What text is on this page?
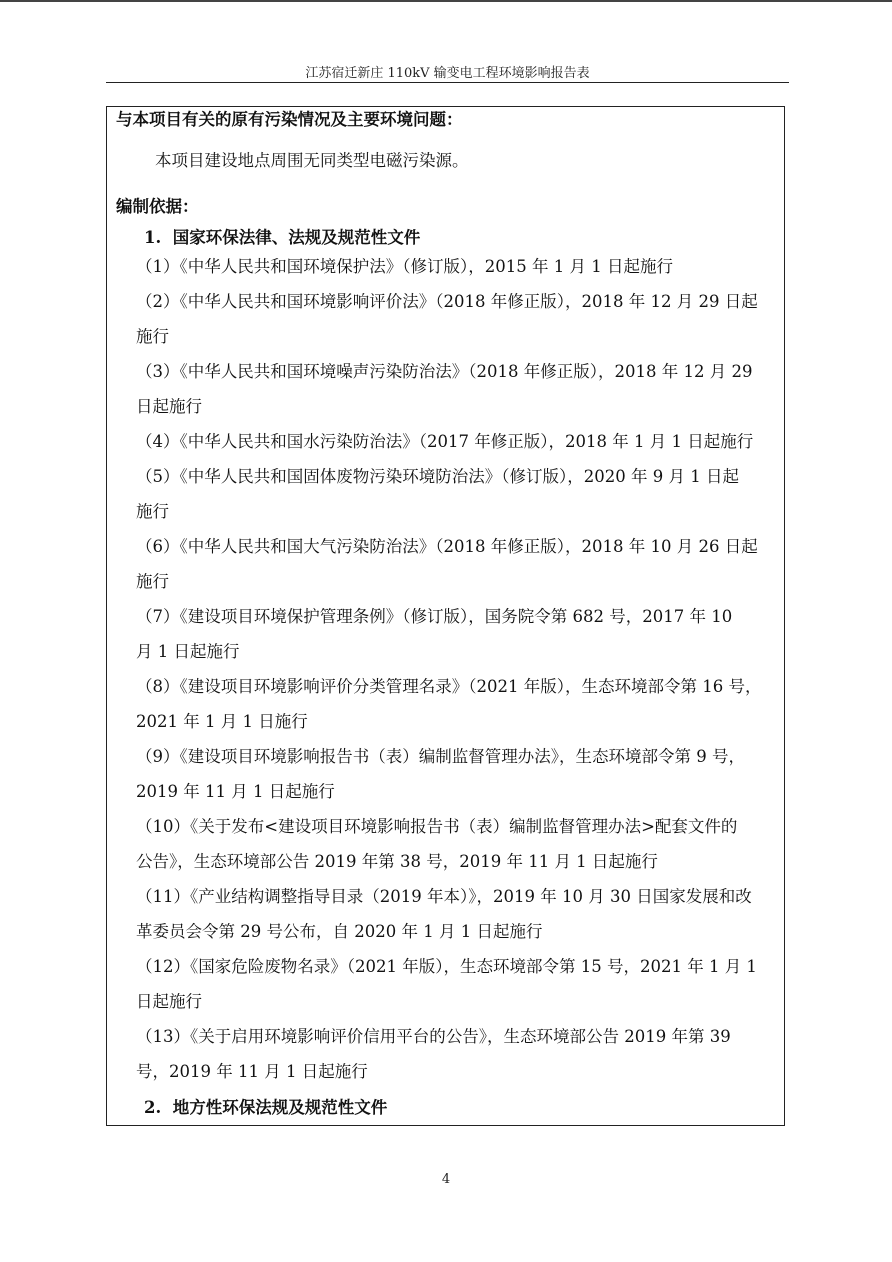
江苏宿迁新庄 110kV 输变电工程环境影响报告表
与本项目有关的原有污染情况及主要环境问题：
本项目建设地点周围无同类型电磁污染源。
编制依据：
1.  国家环保法律、法规及规范性文件
（1）《中华人民共和国环境保护法》（修订版），2015 年 1 月 1 日起施行
（2）《中华人民共和国环境影响评价法》（2018 年修正版），2018 年 12 月 29 日起
施行
（3）《中华人民共和国环境噪声污染防治法》（2018 年修正版），2018 年 12 月 29
日起施行
（4）《中华人民共和国水污染防治法》（2017 年修正版），2018 年 1 月 1 日起施行
（5）《中华人民共和国固体废物污染环境防治法》（修订版），2020 年 9 月 1 日起
施行
（6）《中华人民共和国大气污染防治法》（2018 年修正版），2018 年 10 月 26 日起
施行
（7）《建设项目环境保护管理条例》（修订版），国务院令第 682 号，2017 年 10
月 1 日起施行
（8）《建设项目环境影响评价分类管理名录》（2021 年版），生态环境部令第 16 号，
2021 年 1 月 1 日施行
（9）《建设项目环境影响报告书（表）编制监督管理办法》，生态环境部令第 9 号，
2019 年 11 月 1 日起施行
（10）《关于发布<建设项目环境影响报告书（表）编制监督管理办法>配套文件的
公告》，生态环境部公告 2019 年第 38 号，2019 年 11 月 1 日起施行
（11）《产业结构调整指导目录（2019 年本）》，2019 年 10 月 30 日国家发展和改
革委员会令第 29 号公布，自 2020 年 1 月 1 日起施行
（12）《国家危险废物名录》（2021 年版），生态环境部令第 15 号，2021 年 1 月 1
日起施行
（13）《关于启用环境影响评价信用平台的公告》，生态环境部公告 2019 年第 39
号，2019 年 11 月 1 日起施行
2.  地方性环保法规及规范性文件
4
